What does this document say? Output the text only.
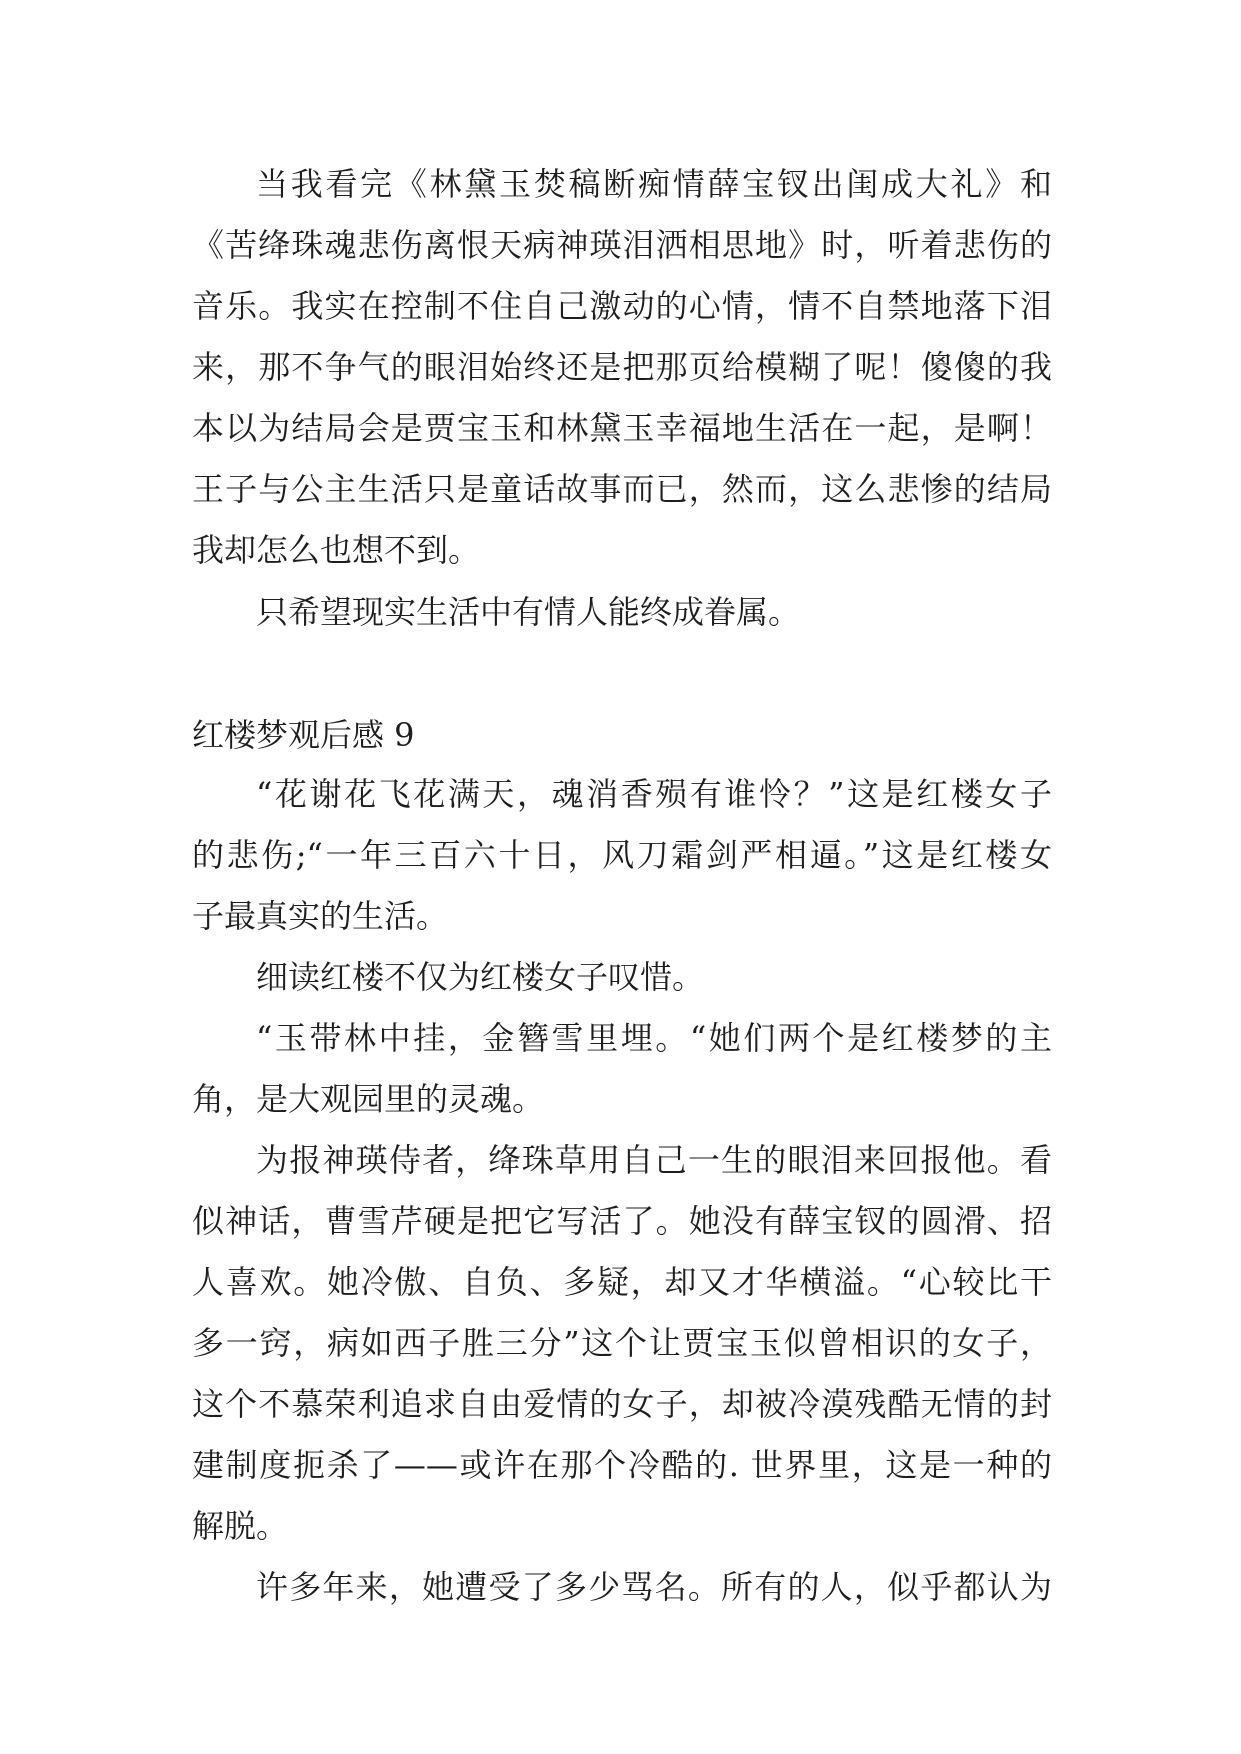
当我看完《林黛玉焚稿断痴情薛宝钗出闺成大礼》和
《苦绛珠魂悲伤离恨天病神瑛泪洒相思地》时，听着悲伤的
音乐。我实在控制不住自己激动的心情，情不自禁地落下泪
来，那不争气的眼泪始终还是把那页给模糊了呢！傻傻的我
本以为结局会是贾宝玉和林黛玉幸福地生活在一起，是啊！
王子与公主生活只是童话故事而已，然而，这么悲惨的结局
我却怎么也想不到。
只希望现实生活中有情人能终成眷属。
红楼梦观后感 9
“花谢花飞花满天，魂消香殒有谁怜？”这是红楼女子
的悲伤;“一年三百六十日，风刀霜剑严相逼。”这是红楼女
子最真实的生活。
细读红楼不仅为红楼女子叹惜。
“玉带林中挂，金簪雪里埋。“她们两个是红楼梦的主
角，是大观园里的灵魂。
为报神瑛侍者，绛珠草用自己一生的眼泪来回报他。看
似神话，曹雪芹硬是把它写活了。她没有薛宝钗的圆滑、招
人喜欢。她冷傲、自负、多疑，却又才华横溢。“心较比干
多一窍，病如西子胜三分”这个让贾宝玉似曾相识的女子，
这个不慕荣利追求自由爱情的女子，却被冷漠残酷无情的封
建制度扼杀了——或许在那个冷酷的. 世界里，这是一种的
解脱。
许多年来，她遭受了多少骂名。所有的人，似乎都认为
